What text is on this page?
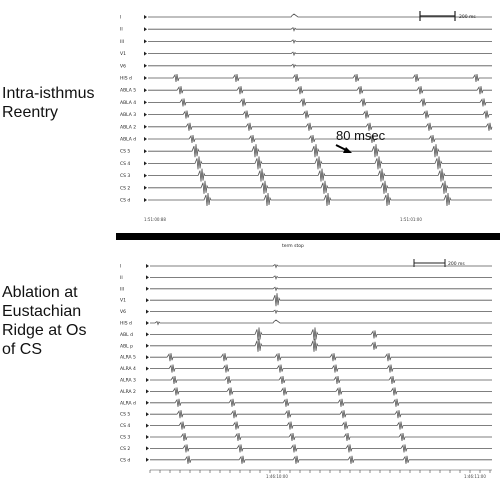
Intra-isthmus
Reentry
Ablation at
Eustachian
Ridge at Os
of CS
I
II
III
V1
V6
HIS d
ABLA 5
ABLA 4
ABLA 3
ABLA 2
ABLA d
CS 5
CS 4
CS 3
CS 2
CS d
200 ms
80 msec
1:51:00:88	1:51:01:00
term stop
I
II
III
V1
V6
HIS d
ABL d
ABL p
ALRA 5
ALRA 4
ALRA 3
ALRA 2
ALRA d
CS 5
CS 4
CS 3
CS 2
CS d
200 ms
1:46:10:00	1:46:11:00
